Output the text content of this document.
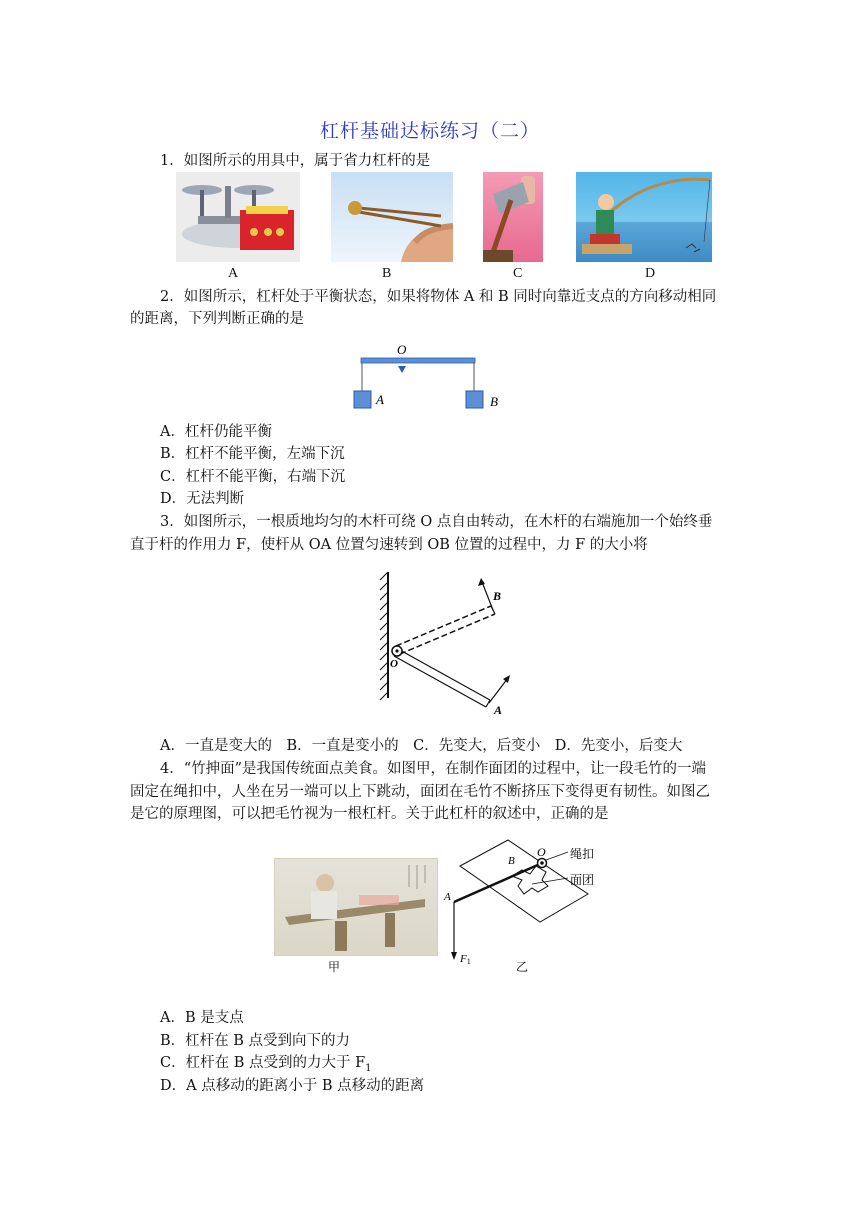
杠杆基础达标练习（二）
1．如图所示的用具中，属于省力杠杆的是
A	B	C	D
2．如图所示，杠杆处于平衡状态，如果将物体 A 和 B 同时向靠近支点的方向移动相同
的距离，下列判断正确的是
O
A	B
A．杠杆仍能平衡
B．杠杆不能平衡，左端下沉
C．杠杆不能平衡，右端下沉
D．无法判断
3．如图所示，一根质地均匀的木杆可绕 O 点自由转动，在木杆的右端施加一个始终垂
直于杆的作用力 F，使杆从 OA 位置匀速转到 OB 位置的过程中，力 F 的大小将
O
A
B
A．一直是变大的　B．一直是变小的　C．先变大，后变小　D．先变小，后变大
4．“竹抻面”是我国传统面点美食。如图甲，在制作面团的过程中，让一段毛竹的一端
固定在绳扣中，人坐在另一端可以上下跳动，面团在毛竹不断挤压下变得更有韧性。如图乙
是它的原理图，可以把毛竹视为一根杠杆。关于此杠杆的叙述中，正确的是
甲
O
B
A
F1
绳扣
面团
乙
A．B 是支点
B．杠杆在 B 点受到向下的力
C．杠杆在 B 点受到的力大于 $F_1$
D．A 点移动的距离小于 B 点移动的距离
